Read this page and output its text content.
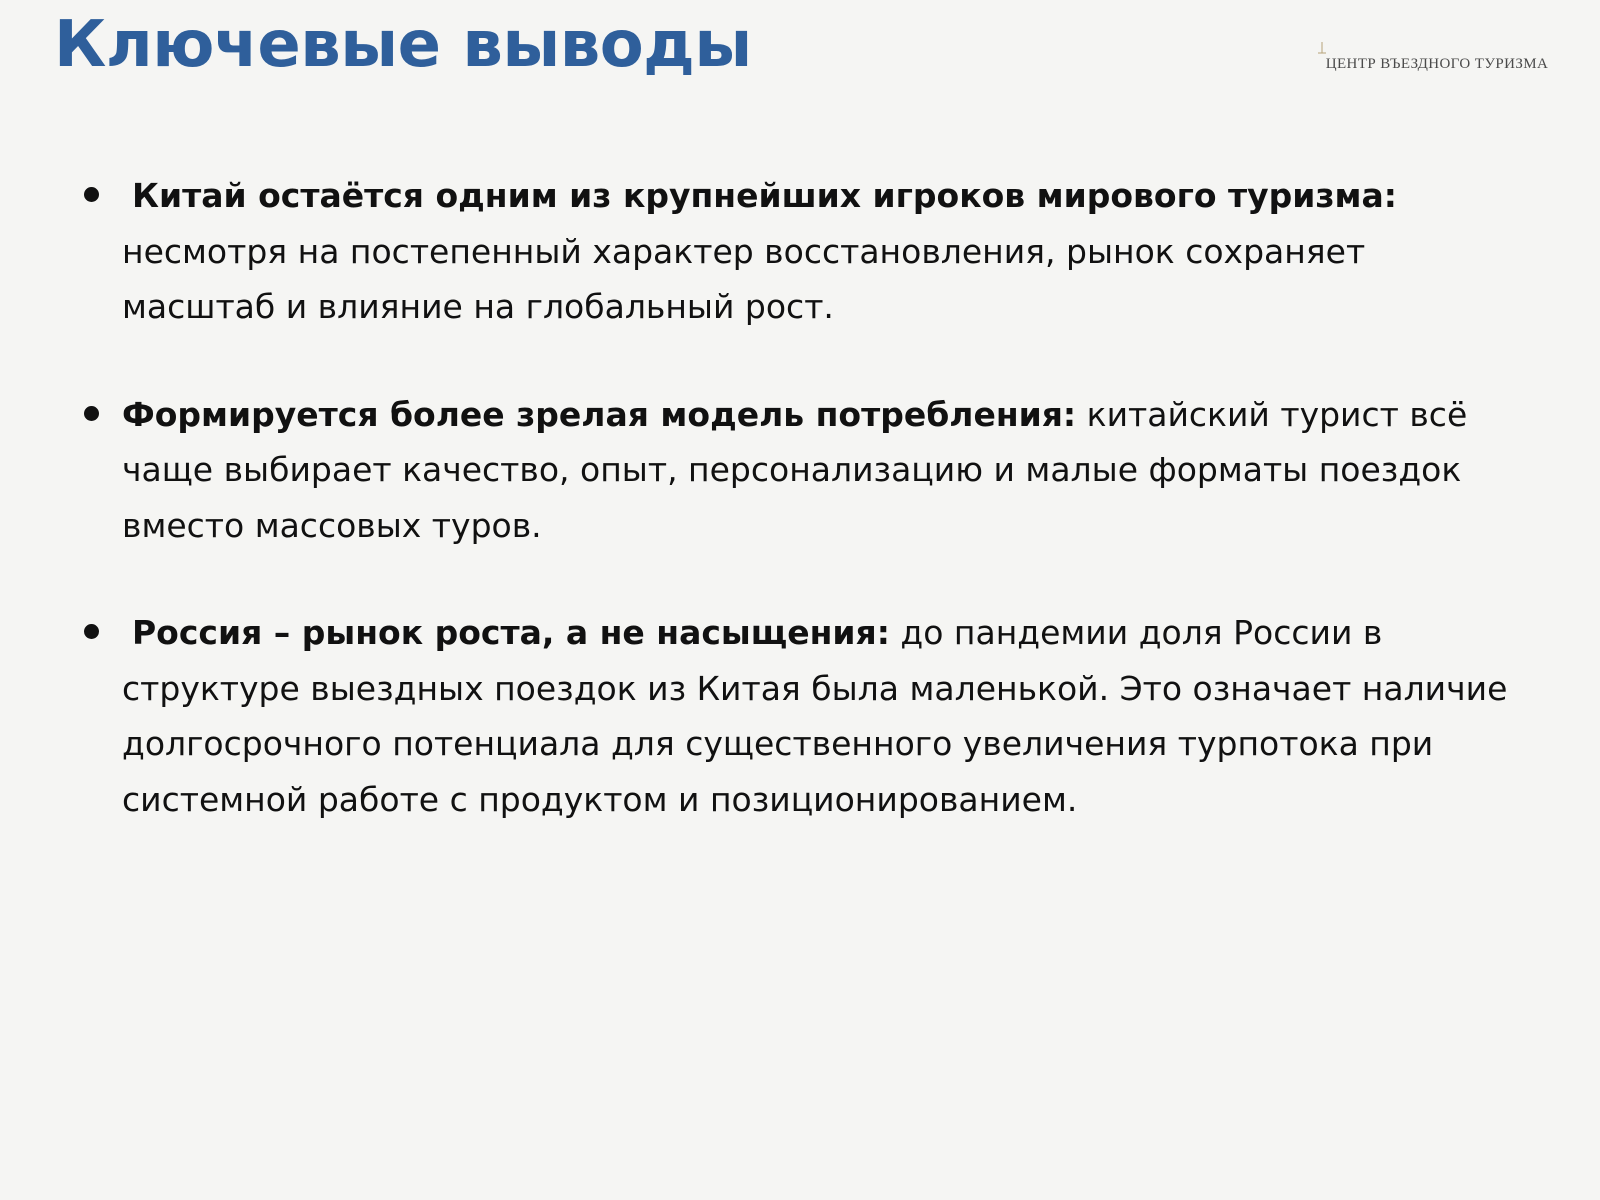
Ключевые выводы	ЦЕНТР ВЪЕЗДНОГО ТУРИЗМА
Китай остаётся одним из крупнейших игроков мирового туризма: несмотря на постепенный характер восстановления, рынок сохраняет масштаб и влияние на глобальный рост.
Формируется более зрелая модель потребления: китайский турист всё чаще выбирает качество, опыт, персонализацию и малые форматы поездок вместо массовых туров.
Россия – рынок роста, а не насыщения: до пандемии доля России в структуре выездных поездок из Китая была маленькой. Это означает наличие долгосрочного потенциала для существенного увеличения турпотока при системной работе с продуктом и позиционированием.
